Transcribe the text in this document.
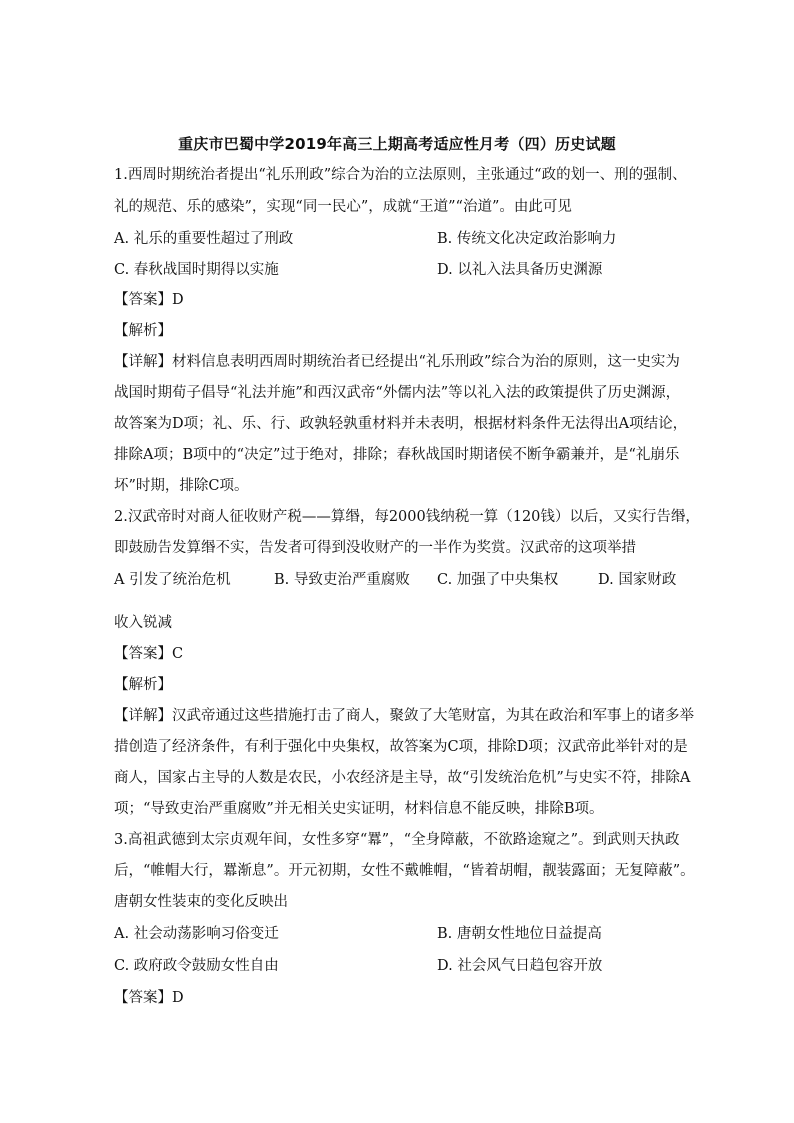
重庆市巴蜀中学2019年高三上期高考适应性月考（四）历史试题
1.西周时期统治者提出“礼乐刑政”综合为治的立法原则，主张通过“政的划一、刑的强制、
礼的规范、乐的感染”，实现“同一民心”，成就“王道”“治道”。由此可见
A. 礼乐的重要性超过了刑政	B. 传统文化决定政治影响力
C. 春秋战国时期得以实施	D. 以礼入法具备历史渊源
【答案】D
【解析】
【详解】材料信息表明西周时期统治者已经提出“礼乐刑政”综合为治的原则，这一史实为
战国时期荀子倡导“礼法并施”和西汉武帝“外儒内法”等以礼入法的政策提供了历史渊源，
故答案为D项；礼、乐、行、政孰轻孰重材料并未表明，根据材料条件无法得出A项结论，
排除A项；B项中的“决定”过于绝对，排除；春秋战国时期诸侯不断争霸兼并，是“礼崩乐
坏”时期，排除C项。
2.汉武帝时对商人征收财产税——算缗，每2000钱纳税一算（120钱）以后，又实行告缗，
即鼓励告发算缗不实，告发者可得到没收财产的一半作为奖赏。汉武帝的这项举措
A 引发了统治危机	B. 导致吏治严重腐败 C. 加强了中央集权	D. 国家财政
收入锐减
【答案】C
【解析】
【详解】汉武帝通过这些措施打击了商人，聚敛了大笔财富，为其在政治和军事上的诸多举
措创造了经济条件，有利于强化中央集权，故答案为C项，排除D项；汉武帝此举针对的是
商人，国家占主导的人数是农民，小农经济是主导，故“引发统治危机”与史实不符，排除A
项；“导致吏治严重腐败”并无相关史实证明，材料信息不能反映，排除B项。
3.高祖武德到太宗贞观年间，女性多穿“羃”，“全身障蔽，不欲路途窥之”。到武则天执政
后，“帷帽大行，羃渐息”。开元初期，女性不戴帷帽，“皆着胡帽，靓装露面；无复障蔽”。
唐朝女性装束的变化反映出
A. 社会动荡影响习俗变迁	B. 唐朝女性地位日益提高
C. 政府政令鼓励女性自由	D. 社会风气日趋包容开放
【答案】D
